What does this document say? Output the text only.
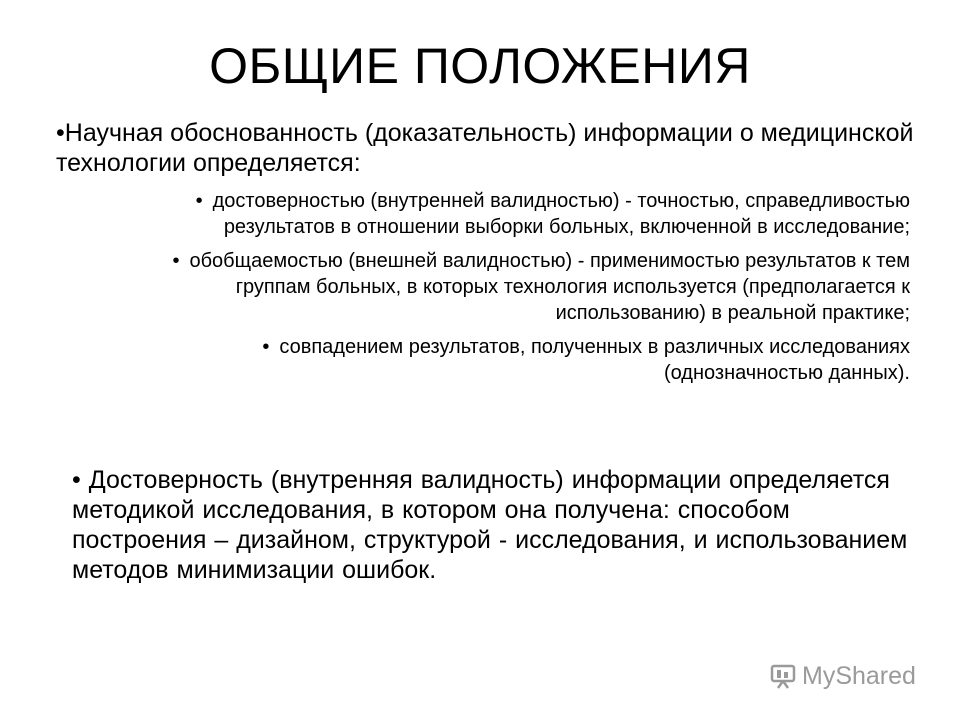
ОБЩИЕ ПОЛОЖЕНИЯ
•Научная обоснованность (доказательность) информации о медицинской технологии определяется:
• достоверностью (внутренней валидностью) - точностью, справедливостью результатов в отношении выборки больных, включенной в исследование;
• обобщаемостью (внешней валидностью) - применимостью результатов к тем группам больных, в которых технология используется (предполагается к использованию) в реальной практике;
• совпадением результатов, полученных в различных исследованиях (однозначностью данных).
• Достоверность (внутренняя валидность) информации определяется методикой исследования, в котором она получена: способом построения – дизайном, структурой - исследования, и использованием методов минимизации ошибок.
MyShared
